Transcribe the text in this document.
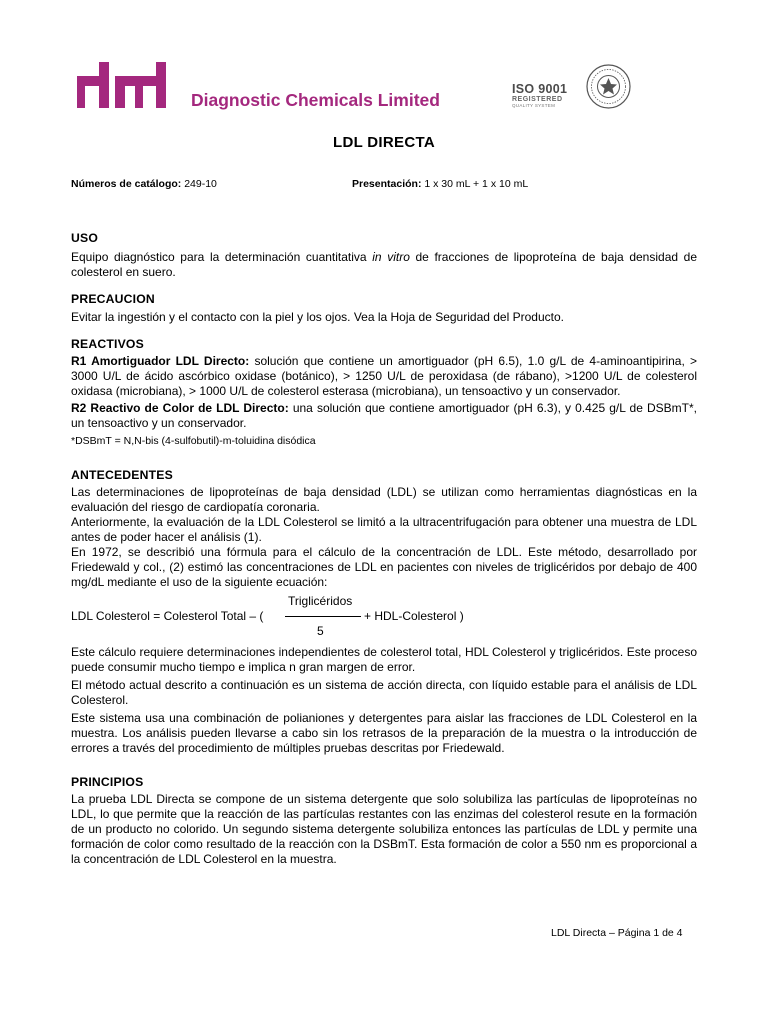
Diagnostic Chemicals Limited
ISO 9001
REGISTERED
QUALITY SYSTEM
LDL DIRECTA
Números de catálogo: 249-10	Presentación: 1 x 30 mL + 1 x 10 mL

USO

Equipo diagnóstico para la determinación cuantitativa in vitro de fracciones de lipoproteína de baja densidad de colesterol en suero.

PRECAUCION

Evitar la ingestión y el contacto con la piel y los ojos. Vea la Hoja de Seguridad del Producto.

REACTIVOS

R1 Amortiguador LDL Directo: solución que contiene un amortiguador (pH 6.5), 1.0 g/L de 4-aminoantipirina, > 3000 U/L de ácido ascórbico oxidase (botánico), > 1250 U/L de peroxidasa (de rábano), >1200 U/L de colesterol oxidasa (microbiana), > 1000 U/L de colesterol esterasa (microbiana), un tensoactivo y un conservador.

R2 Reactivo de Color de LDL Directo: una solución que contiene amortiguador (pH 6.3), y 0.425 g/L de DSBmT*, un tensoactivo y un conservador.

*DSBmT = N,N-bis (4-sulfobutil)-m-toluidina disódica

ANTECEDENTES

Las determinaciones de lipoproteínas de baja densidad (LDL) se utilizan como herramientas diagnósticas en la evaluación del riesgo de cardiopatía coronaria.

Anteriormente, la evaluación de la LDL Colesterol se limitó a la ultracentrifugación para obtener una muestra de LDL antes de poder hacer el análisis (1).

En 1972, se describió una fórmula para el cálculo de la concentración de LDL. Este método, desarrollado por Friedewald y col., (2) estimó las concentraciones de LDL en pacientes con niveles de triglicéridos por debajo de 400 mg/dL mediante el uso de la siguiente ecuación:

LDL Colesterol = Colesterol Total – (
Triglicéridos
+ HDL-Colesterol )
5

Este cálculo requiere determinaciones independientes de colesterol total, HDL Colesterol y triglicéridos. Este proceso puede consumir mucho tiempo e implica n gran margen de error.

El método actual descrito a continuación es un sistema de acción directa, con líquido estable para el análisis de LDL Colesterol.

Este sistema usa una combinación de polianiones y detergentes para aislar las fracciones de LDL Colesterol en la muestra. Los análisis pueden llevarse a cabo sin los retrasos de la preparación de la muestra o la introducción de errores a través del procedimiento de múltiples pruebas descritas por Friedewald.

PRINCIPIOS

La prueba LDL Directa se compone de un sistema detergente que solo solubiliza las partículas de lipoproteínas no LDL, lo que permite que la reacción de las partículas restantes con las enzimas del colesterol resute en la formación de un producto no colorido. Un segundo sistema detergente solubiliza entonces las partículas de LDL y permite una formación de color como resultado de la reacción con la DSBmT. Esta formación de color a 550 nm es proporcional a la concentración de LDL Colesterol en la muestra.

LDL Directa – Página 1 de 4
